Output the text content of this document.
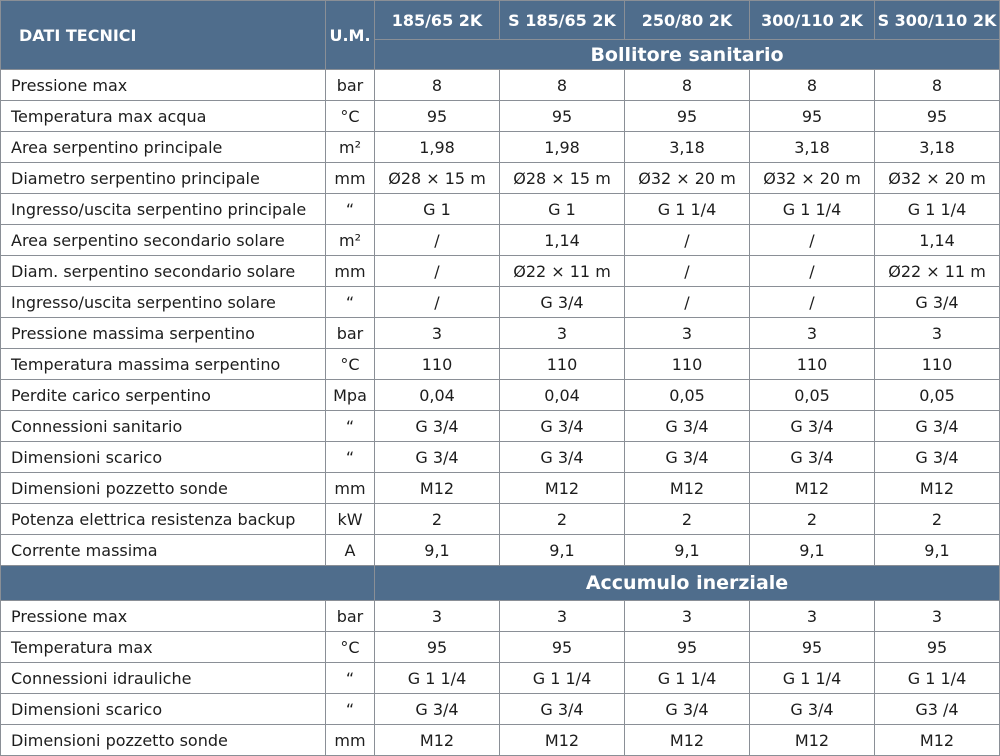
DATI TECNICI	U.M.	185/65 2K	S 185/65 2K	250/80 2K	300/110 2K	S 300/110 2K
		Bollitore sanitario				
Pressione max	bar	8	8	8	8	8
Temperatura max acqua	°C	95	95	95	95	95
Area serpentino principale	m²	1,98	1,98	3,18	3,18	3,18
Diametro serpentino principale	mm	Ø28 × 15 m	Ø28 × 15 m	Ø32 × 20 m	Ø32 × 20 m	Ø32 × 20 m
Ingresso/uscita serpentino principale	“	G 1	G 1	G 1 1/4	G 1 1/4	G 1 1/4
Area serpentino secondario solare	m²	/	1,14	/	/	1,14
Diam. serpentino secondario solare	mm	/	Ø22 × 11 m	/	/	Ø22 × 11 m
Ingresso/uscita serpentino solare	“	/	G 3/4	/	/	G 3/4
Pressione massima serpentino	bar	3	3	3	3	3
Temperatura massima serpentino	°C	110	110	110	110	110
Perdite carico serpentino	Mpa	0,04	0,04	0,05	0,05	0,05
Connessioni sanitario	“	G 3/4	G 3/4	G 3/4	G 3/4	G 3/4
Dimensioni scarico	“	G 3/4	G 3/4	G 3/4	G 3/4	G 3/4
Dimensioni pozzetto sonde	mm	M12	M12	M12	M12	M12
Potenza elettrica resistenza backup	kW	2	2	2	2	2
Corrente massima	A	9,1	9,1	9,1	9,1	9,1
		Accumulo inerziale				
Pressione max	bar	3	3	3	3	3
Temperatura max	°C	95	95	95	95	95
Connessioni idrauliche	“	G 1 1/4	G 1 1/4	G 1 1/4	G 1 1/4	G 1 1/4
Dimensioni scarico	“	G 3/4	G 3/4	G 3/4	G 3/4	G3 /4
Dimensioni pozzetto sonde	mm	M12	M12	M12	M12	M12
